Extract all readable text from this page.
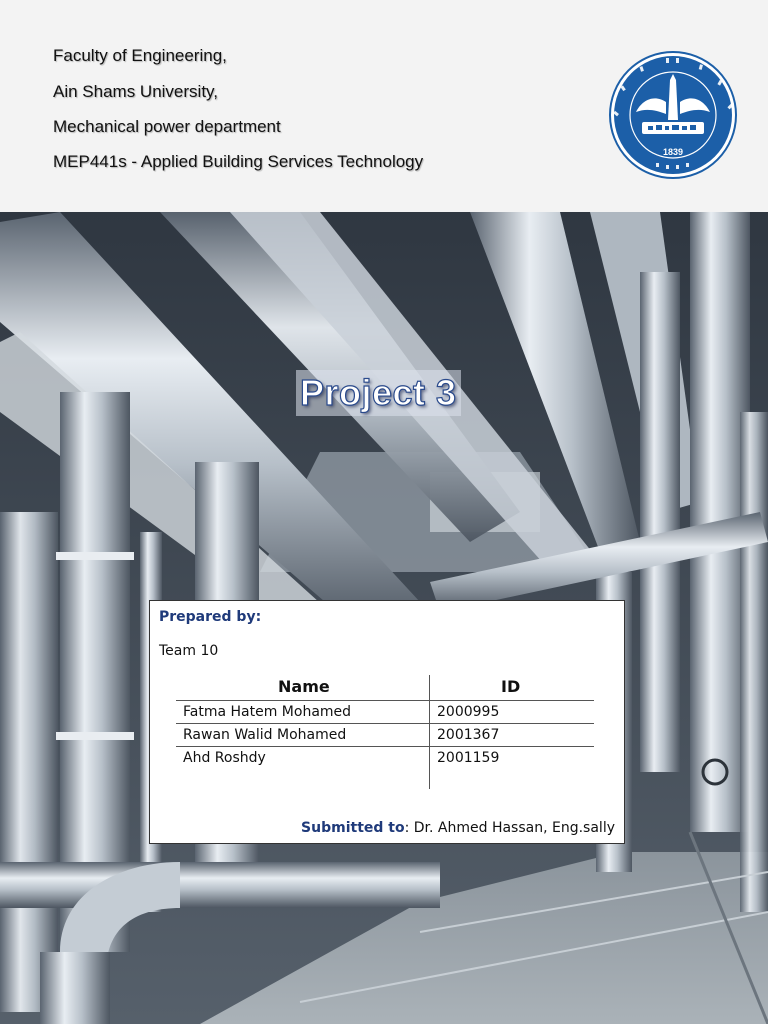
Faculty of Engineering,
Ain Shams University,
Mechanical power department
MEP441s - Applied Building Services Technology	1839
Project 3
Prepared by:
Team 10
Name	ID
Fatma Hatem Mohamed	2000995
Rawan Walid Mohamed	2001367
Ahd Roshdy	2001159
Submitted to: Dr. Ahmed Hassan, Eng.sally
